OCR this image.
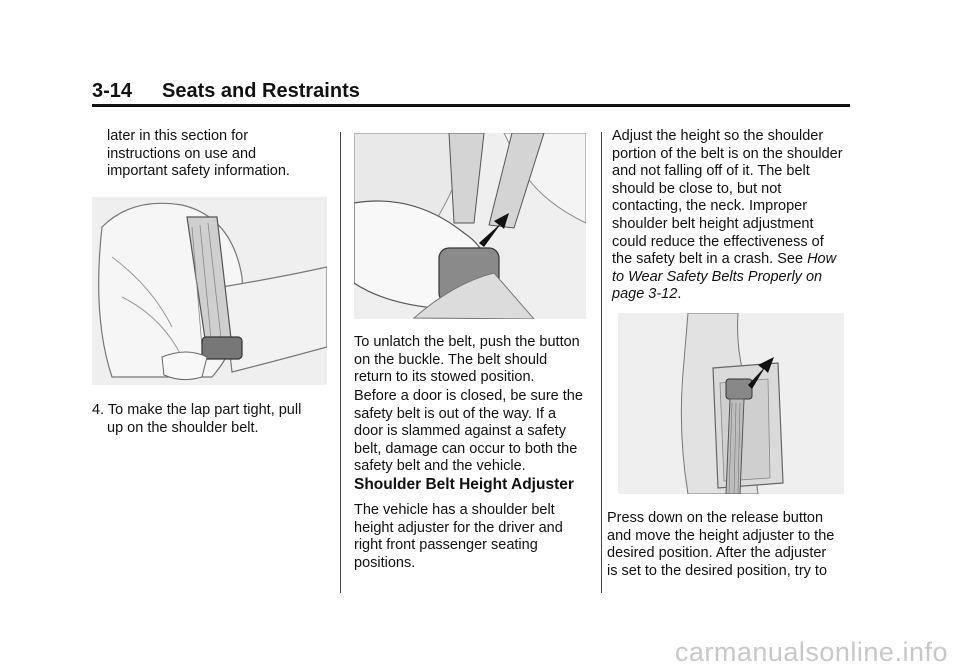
3-14 Seats and Restraints
later in this section for
instructions on use and
important safety information.
4. To make the lap part tight, pull
up on the shoulder belt.
To unlatch the belt, push the button
on the buckle. The belt should
return to its stowed position.
Before a door is closed, be sure the
safety belt is out of the way. If a
door is slammed against a safety
belt, damage can occur to both the
safety belt and the vehicle.
Shoulder Belt Height Adjuster
The vehicle has a shoulder belt
height adjuster for the driver and
right front passenger seating
positions.
Adjust the height so the shoulder
portion of the belt is on the shoulder
and not falling off of it. The belt
should be close to, but not
contacting, the neck. Improper
shoulder belt height adjustment
could reduce the effectiveness of
the safety belt in a crash. See How
to Wear Safety Belts Properly on
page 3-12.
Press down on the release button
and move the height adjuster to the
desired position. After the adjuster
is set to the desired position, try to
carmanualsonline.info
